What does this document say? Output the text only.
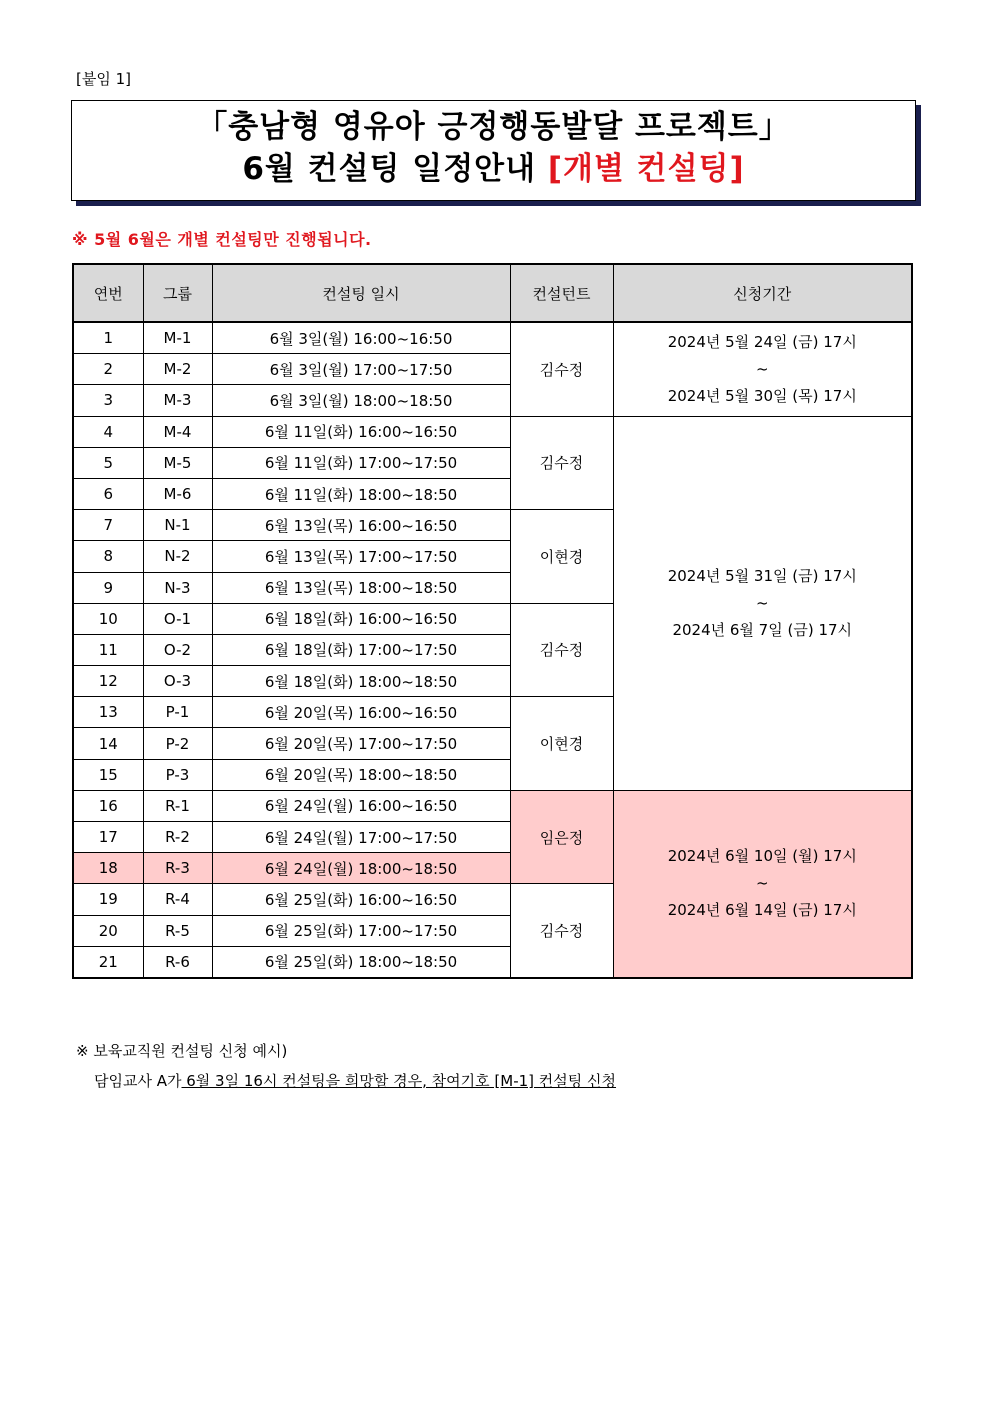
[붙임 1]
「충남형 영유아 긍정행동발달 프로젝트」
6월 컨설팅 일정안내 [개별 컨설팅]
※ 5월 6월은 개별 컨설팅만 진행됩니다.
연번	그룹	컨설팅 일시	컨설턴트	신청기간
1	M-1	6월 3일(월) 16:00~16:50	김수정	2024년 5월 24일 (금) 17시
~
2024년 5월 30일 (목) 17시

2	M-2	6월 3일(월) 17:00~17:50		
3	M-3	6월 3일(월) 18:00~18:50		
4	M-4	6월 11일(화) 16:00~16:50	김수정	2024년 5월 31일 (금) 17시
~
2024년 6월 7일 (금) 17시

5	M-5	6월 11일(화) 17:00~17:50		
6	M-6	6월 11일(화) 18:00~18:50		
7	N-1	6월 13일(목) 16:00~16:50	이현경	
8	N-2	6월 13일(목) 17:00~17:50		
9	N-3	6월 13일(목) 18:00~18:50		
10	O-1	6월 18일(화) 16:00~16:50	김수정	
11	O-2	6월 18일(화) 17:00~17:50		
12	O-3	6월 18일(화) 18:00~18:50		
13	P-1	6월 20일(목) 16:00~16:50	이현경	
14	P-2	6월 20일(목) 17:00~17:50		
15	P-3	6월 20일(목) 18:00~18:50		
16	R-1	6월 24일(월) 16:00~16:50	임은정	2024년 6월 10일 (월) 17시
~
2024년 6월 14일 (금) 17시

17	R-2	6월 24일(월) 17:00~17:50		
18	R-3	6월 24일(월) 18:00~18:50		
19	R-4	6월 25일(화) 16:00~16:50	김수정	
20	R-5	6월 25일(화) 17:00~17:50		
21	R-6	6월 25일(화) 18:00~18:50		
※ 보육교직원 컨설팅 신청 예시)
담임교사 A가 6월 3일 16시 컨설팅을 희망할 경우, 참여기호 [M-1] 컨설팅 신청
